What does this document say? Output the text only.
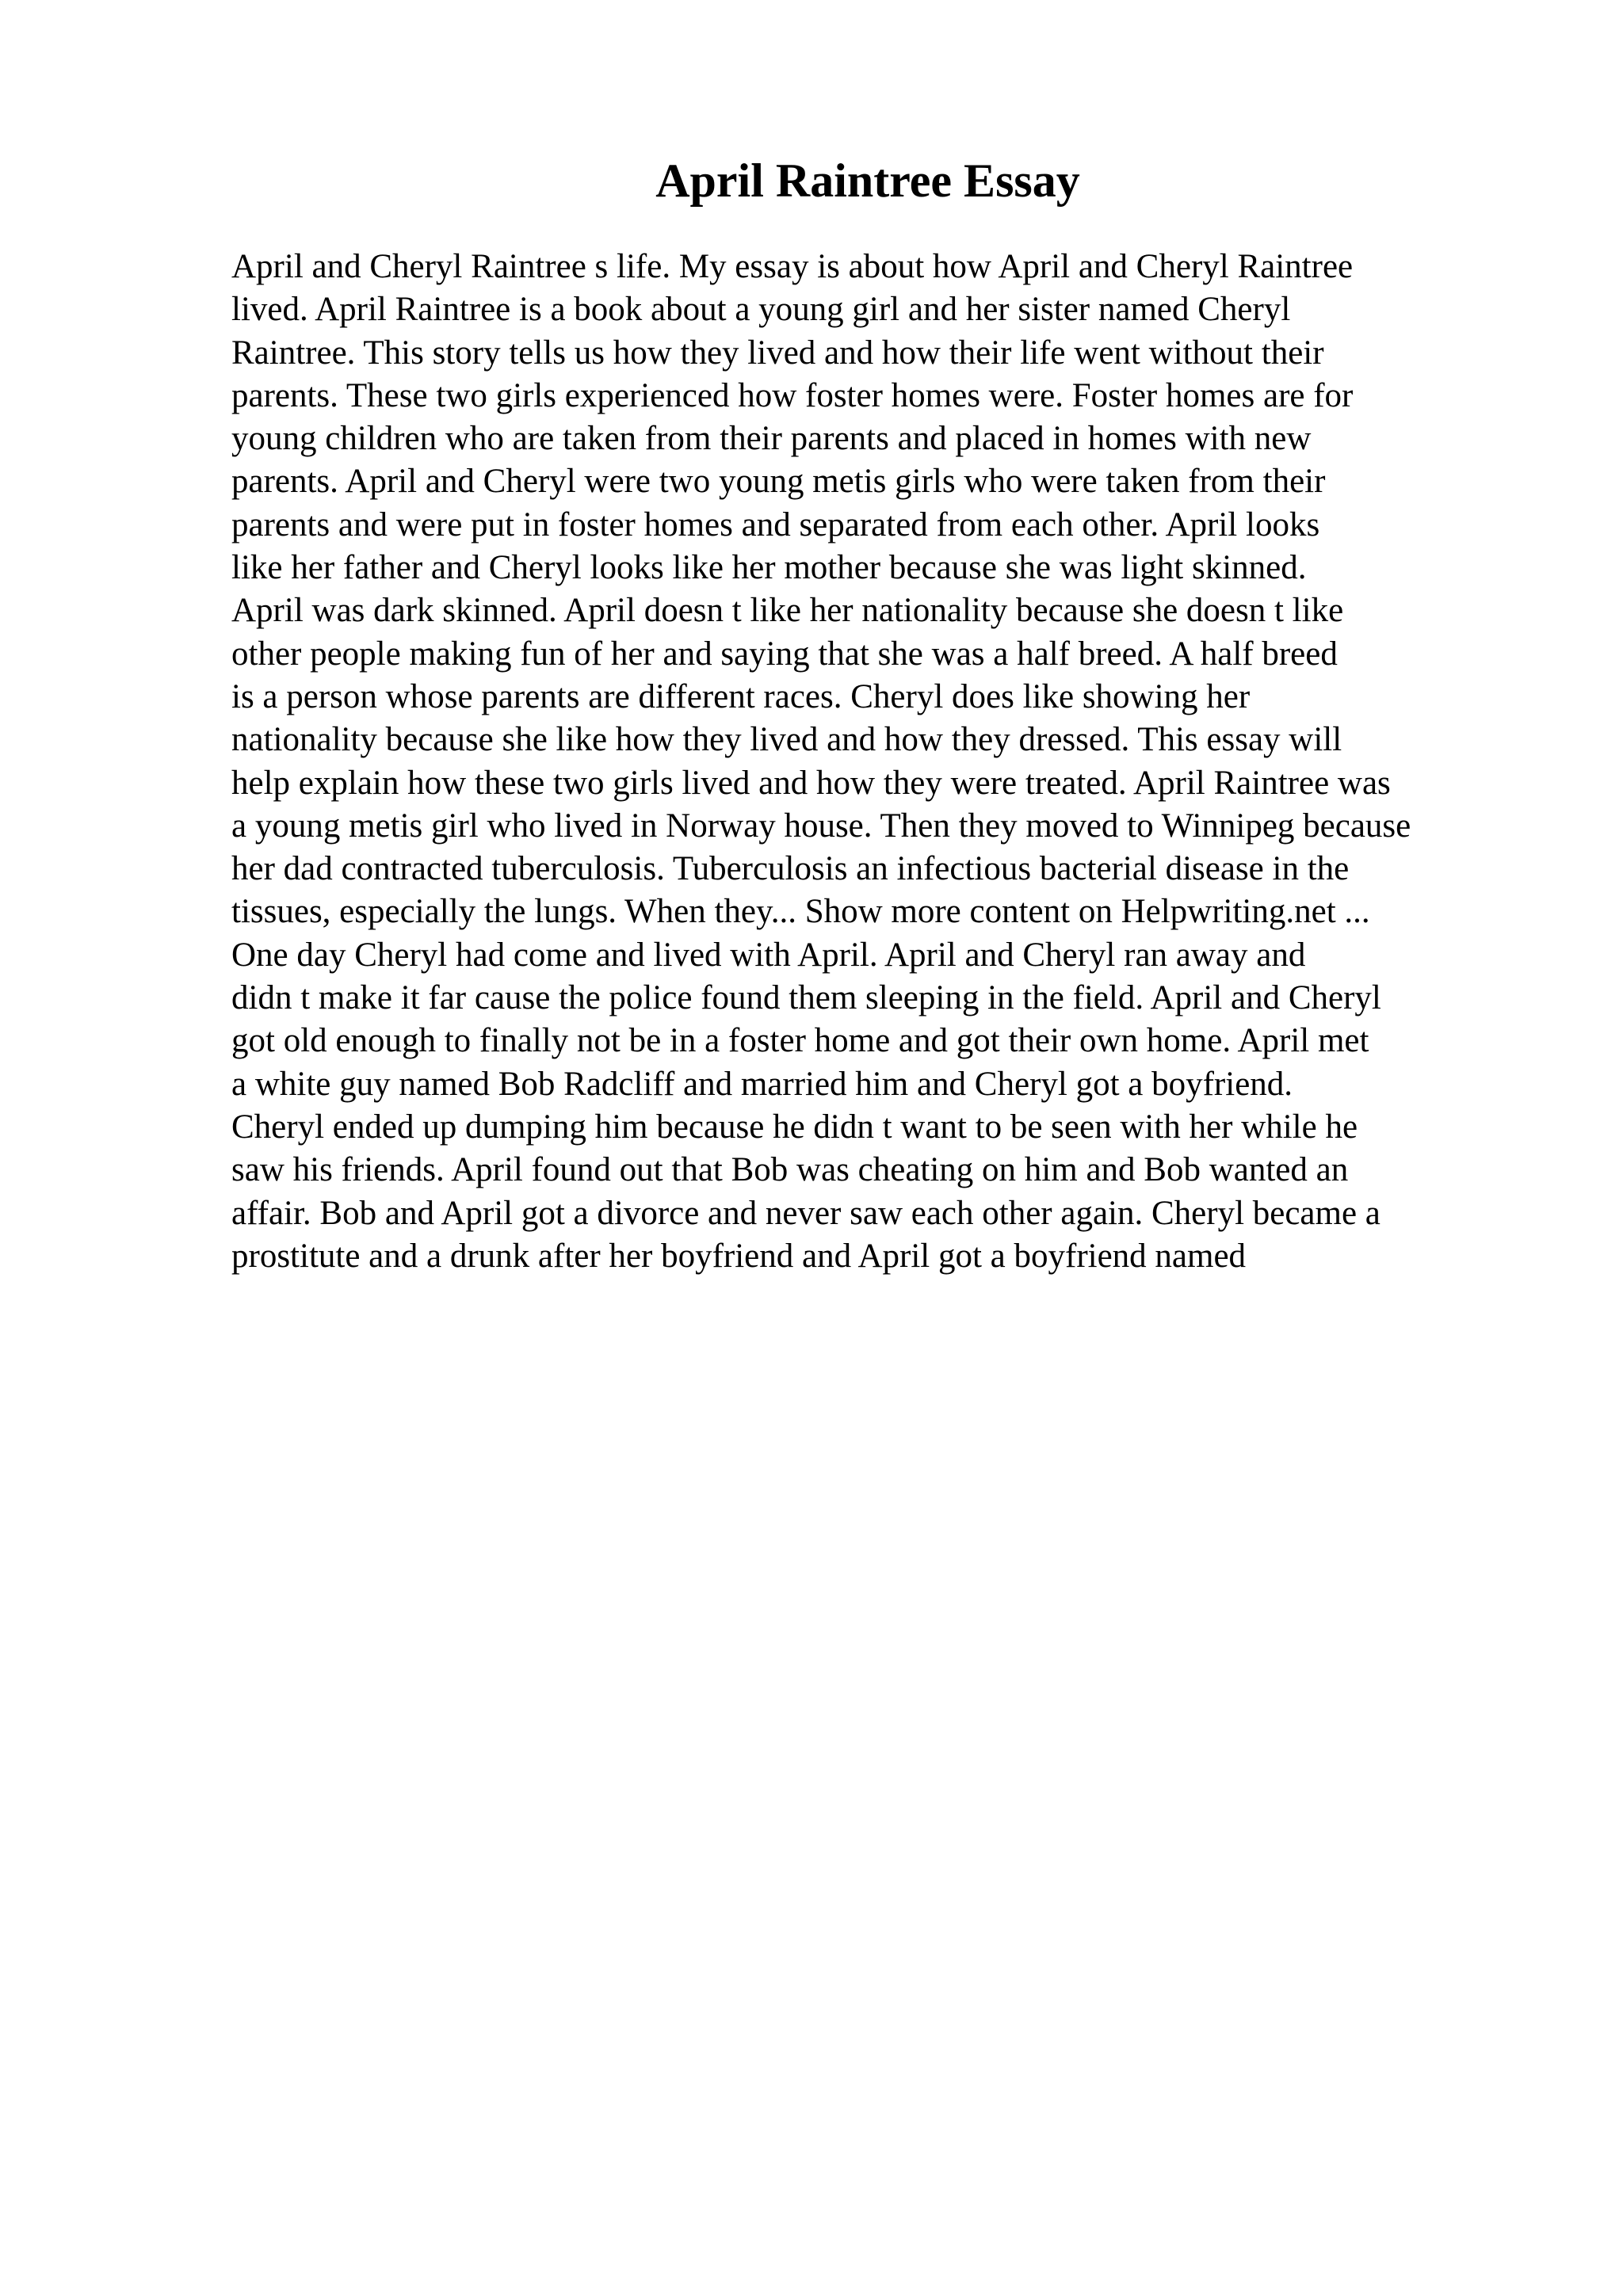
April Raintree Essay
April and Cheryl Raintree s life. My essay is about how April and Cheryl Raintree
lived. April Raintree is a book about a young girl and her sister named Cheryl
Raintree. This story tells us how they lived and how their life went without their
parents. These two girls experienced how foster homes were. Foster homes are for
young children who are taken from their parents and placed in homes with new
parents. April and Cheryl were two young metis girls who were taken from their
parents and were put in foster homes and separated from each other. April looks
like her father and Cheryl looks like her mother because she was light skinned.
April was dark skinned. April doesn t like her nationality because she doesn t like
other people making fun of her and saying that she was a half breed. A half breed
is a person whose parents are different races. Cheryl does like showing her
nationality because she like how they lived and how they dressed. This essay will
help explain how these two girls lived and how they were treated. April Raintree was
a young metis girl who lived in Norway house. Then they moved to Winnipeg because
her dad contracted tuberculosis. Tuberculosis an infectious bacterial disease in the
tissues, especially the lungs. When they... Show more content on Helpwriting.net ...
One day Cheryl had come and lived with April. April and Cheryl ran away and
didn t make it far cause the police found them sleeping in the field. April and Cheryl
got old enough to finally not be in a foster home and got their own home. April met
a white guy named Bob Radcliff and married him and Cheryl got a boyfriend.
Cheryl ended up dumping him because he didn t want to be seen with her while he
saw his friends. April found out that Bob was cheating on him and Bob wanted an
affair. Bob and April got a divorce and never saw each other again. Cheryl became a
prostitute and a drunk after her boyfriend and April got a boyfriend named
